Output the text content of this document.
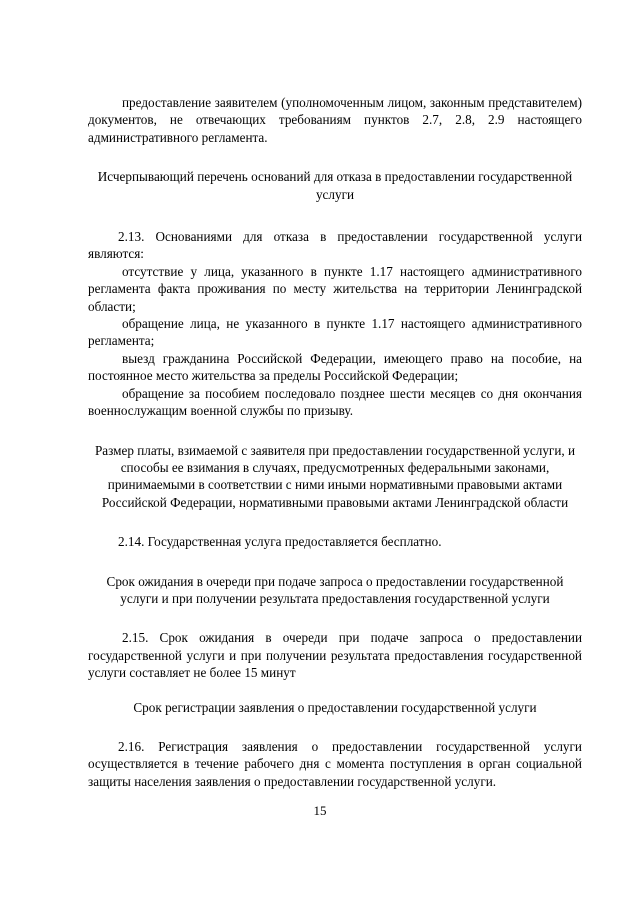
предоставление заявителем (уполномоченным лицом, законным представителем) документов, не отвечающих требованиям пунктов 2.7, 2.8, 2.9 настоящего административного регламента.

Исчерпывающий перечень оснований для отказа в предоставлении государственной услуги

2.13. Основаниями для отказа в предоставлении государственной услуги являются:

отсутствие у лица, указанного в пункте 1.17 настоящего административного регламента факта проживания по месту жительства на территории Ленинградской области;

обращение лица, не указанного в пункте 1.17 настоящего административного регламента;

выезд гражданина Российской Федерации, имеющего право на пособие, на постоянное место жительства за пределы Российской Федерации;

обращение за пособием последовало позднее шести месяцев со дня окончания военнослужащим военной службы по призыву.

Размер платы, взимаемой с заявителя при предоставлении государственной услуги, и способы ее взимания в случаях, предусмотренных федеральными законами, принимаемыми в соответствии с ними иными нормативными правовыми актами Российской Федерации, нормативными правовыми актами Ленинградской области

2.14. Государственная услуга предоставляется бесплатно.

Срок ожидания в очереди при подаче запроса о предоставлении государственной услуги и при получении результата предоставления государственной услуги

2.15. Срок ожидания в очереди при подаче запроса о предоставлении государственной услуги и при получении результата предоставления государственной услуги составляет не более 15 минут

Срок регистрации заявления о предоставлении государственной услуги

2.16. Регистрация заявления о предоставлении государственной услуги осуществляется в течение рабочего дня с момента поступления в орган социальной защиты населения заявления о предоставлении государственной услуги.

15
